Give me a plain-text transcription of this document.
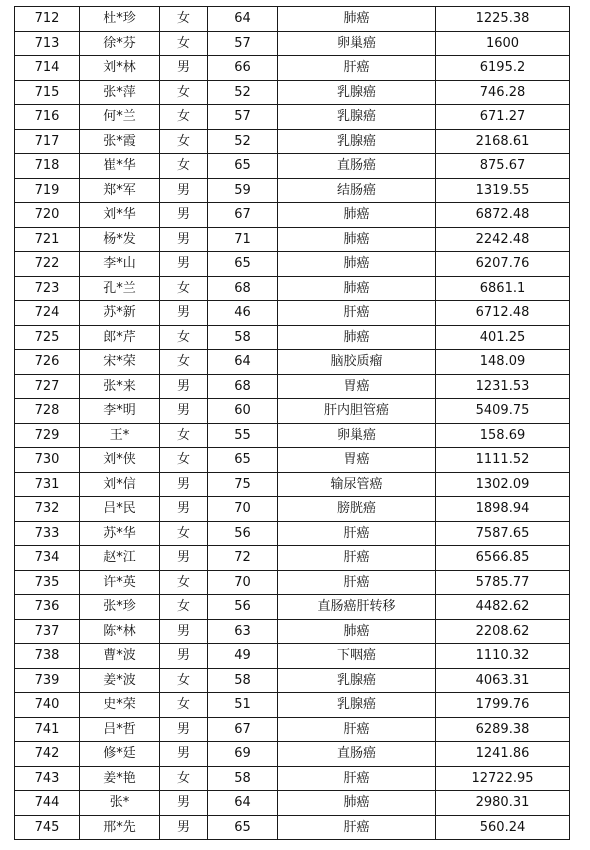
712	杜*珍	女	64	肺癌	1225.38
713	徐*芬	女	57	卵巢癌	1600
714	刘*林	男	66	肝癌	6195.2
715	张*萍	女	52	乳腺癌	746.28
716	何*兰	女	57	乳腺癌	671.27
717	张*霞	女	52	乳腺癌	2168.61
718	崔*华	女	65	直肠癌	875.67
719	郑*军	男	59	结肠癌	1319.55
720	刘*华	男	67	肺癌	6872.48
721	杨*发	男	71	肺癌	2242.48
722	李*山	男	65	肺癌	6207.76
723	孔*兰	女	68	肺癌	6861.1
724	苏*新	男	46	肝癌	6712.48
725	郎*芹	女	58	肺癌	401.25
726	宋*荣	女	64	脑胶质瘤	148.09
727	张*来	男	68	胃癌	1231.53
728	李*明	男	60	肝内胆管癌	5409.75
729	王*	女	55	卵巢癌	158.69
730	刘*侠	女	65	胃癌	1111.52
731	刘*信	男	75	输尿管癌	1302.09
732	吕*民	男	70	膀胱癌	1898.94
733	苏*华	女	56	肝癌	7587.65
734	赵*江	男	72	肝癌	6566.85
735	许*英	女	70	肝癌	5785.77
736	张*珍	女	56	直肠癌肝转移	4482.62
737	陈*林	男	63	肺癌	2208.62
738	曹*波	男	49	下咽癌	1110.32
739	姜*波	女	58	乳腺癌	4063.31
740	史*荣	女	51	乳腺癌	1799.76
741	吕*哲	男	67	肝癌	6289.38
742	修*廷	男	69	直肠癌	1241.86
743	姜*艳	女	58	肝癌	12722.95
744	张*	男	64	肺癌	2980.31
745	邢*先	男	65	肝癌	560.24
